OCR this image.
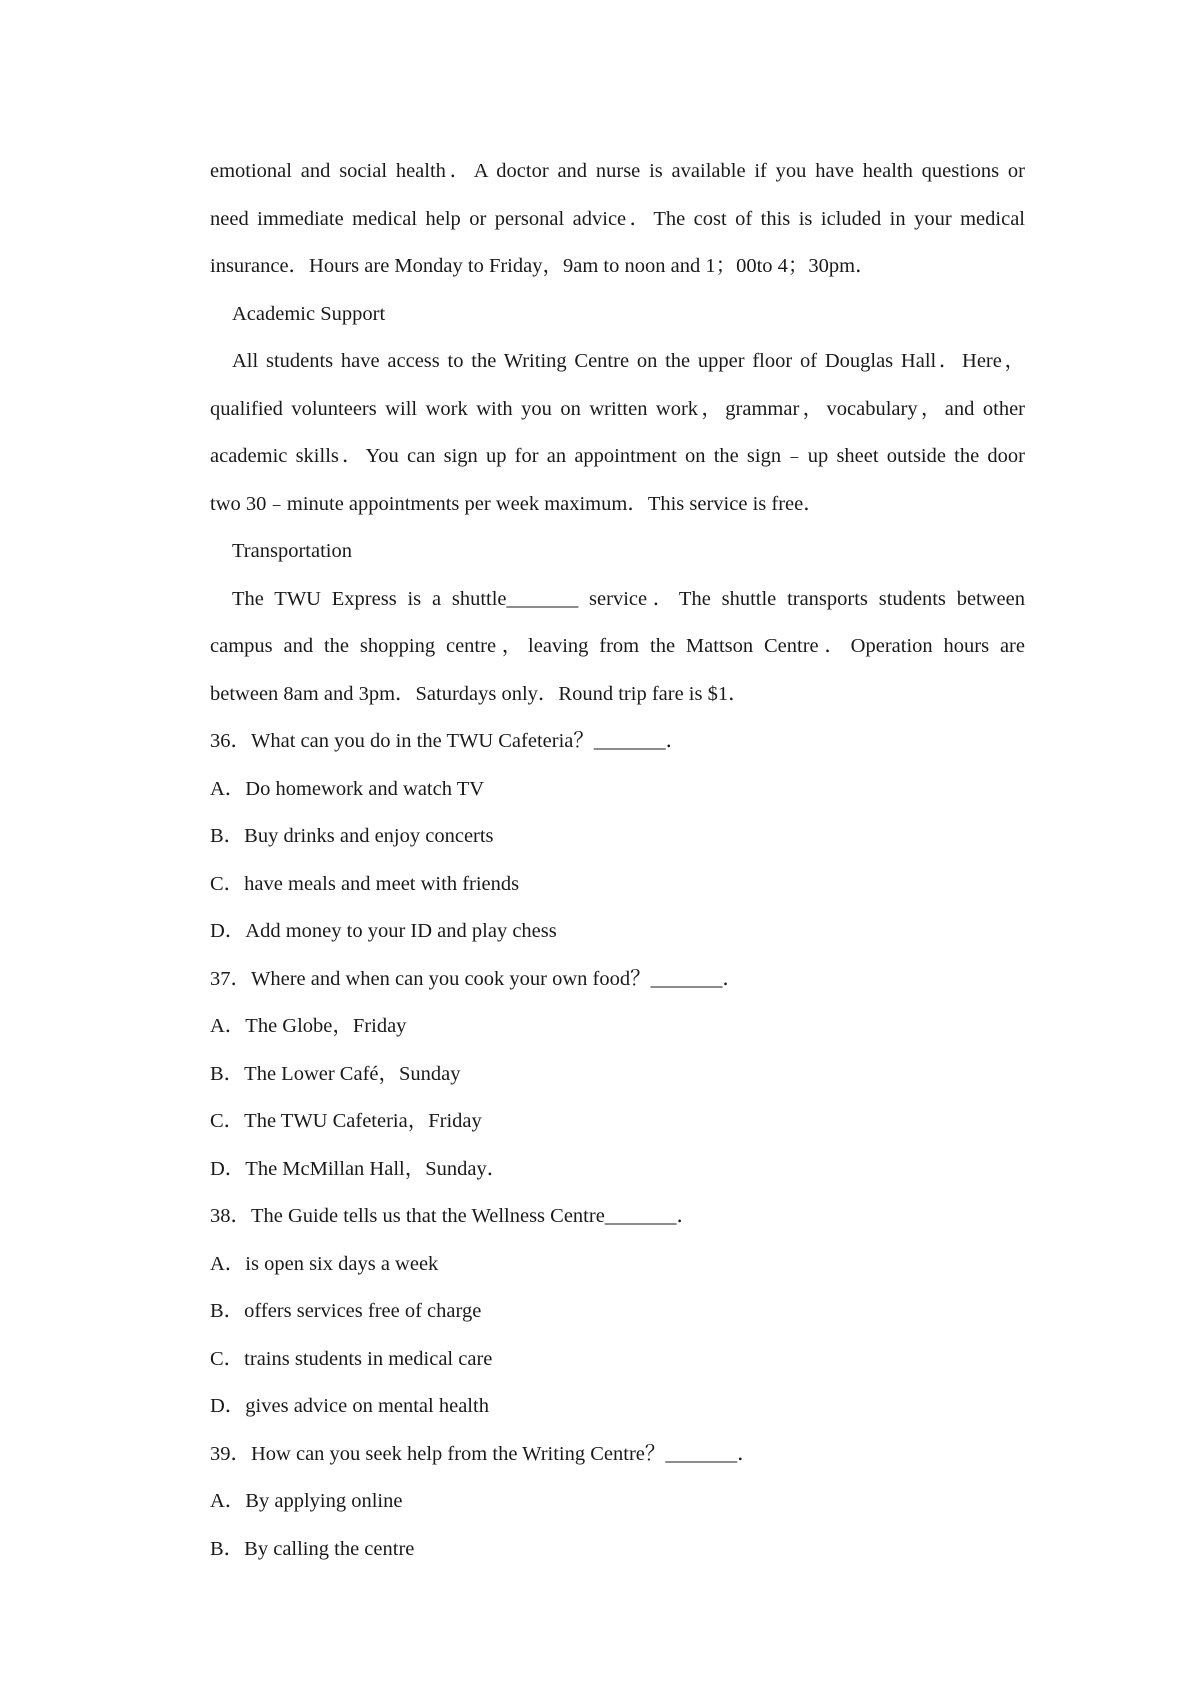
emotional and social health．A doctor and nurse is available if you have health questions or

need immediate medical help or personal advice．The cost of this is icluded in your medical

insurance．Hours are Monday to Friday，9am to noon and 1；00to 4；30pm．

Academic Support

All students have access to the Writing Centre on the upper floor of Douglas Hall．Here，

qualified volunteers will work with you on written work，grammar，vocabulary，and other

academic skills．You can sign up for an appointment on the sign﹣up sheet outside the door

two 30﹣minute appointments per week maximum．This service is free．

Transportation

The TWU Express is a shuttle_______ service．The shuttle transports students between

campus and the shopping centre，leaving from the Mattson Centre．Operation hours are

between 8am and 3pm．Saturdays only．Round trip fare is $1．

36．What can you do in the TWU Cafeteria？_______．

A．Do homework and watch TV

B．Buy drinks and enjoy concerts

C．have meals and meet with friends

D．Add money to your ID and play chess

37．Where and when can you cook your own food？_______．

A．The Globe，Friday

B．The Lower Café，Sunday

C．The TWU Cafeteria，Friday

D．The McMillan Hall，Sunday．

38．The Guide tells us that the Wellness Centre_______．

A．is open six days a week

B．offers services free of charge

C．trains students in medical care

D．gives advice on mental health

39．How can you seek help from the Writing Centre？_______．

A．By applying online

B．By calling the centre
